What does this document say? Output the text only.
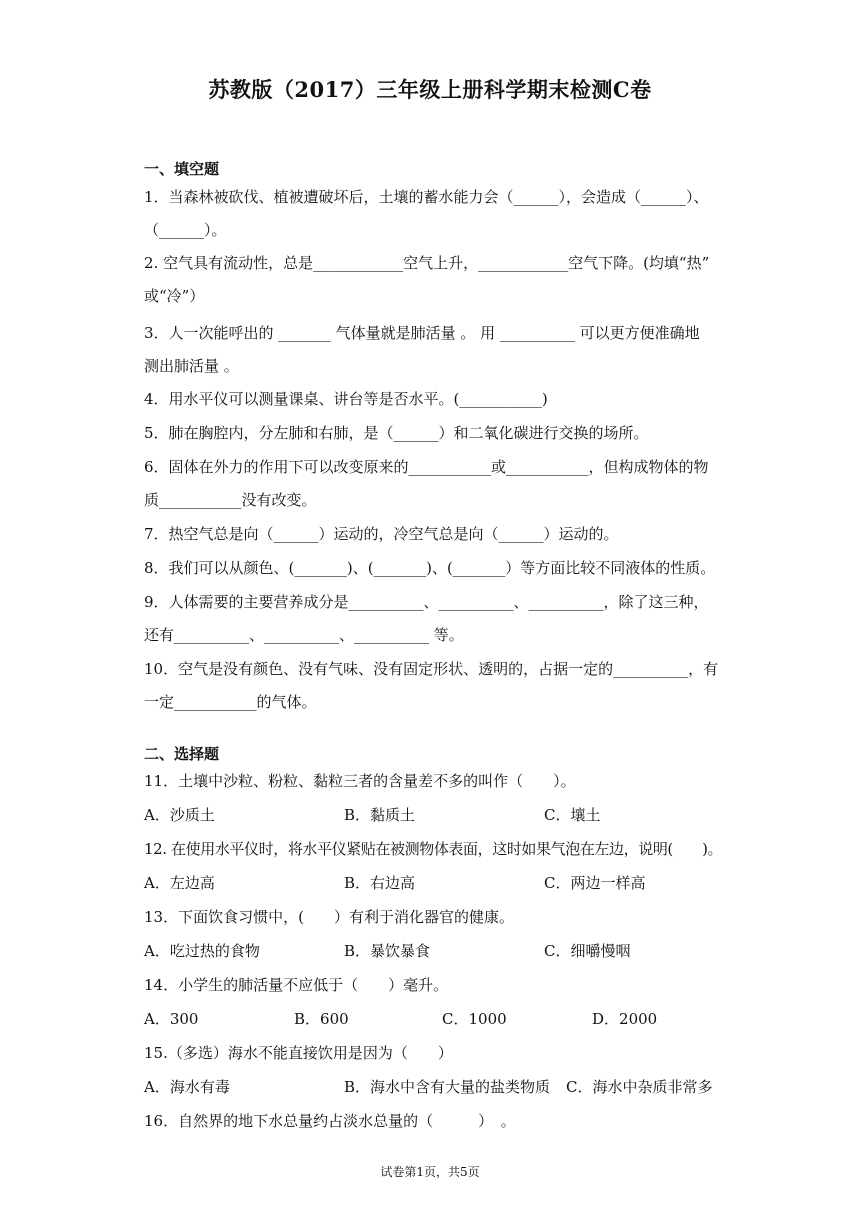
苏教版（2017）三年级上册科学期末检测C卷
一、填空题
1．当森林被砍伐、植被遭破坏后，土壤的蓄水能力会（______），会造成（______）、
（______）。
2. 空气具有流动性，总是____________空气上升，____________空气下降。(均填“热”
或“冷”）
3．人一次能呼出的 _______ 气体量就是肺活量 。 用 __________ 可以更方便准确地
测出肺活量 。
4．用水平仪可以测量课桌、讲台等是否水平。(___________)
5．肺在胸腔内，分左肺和右肺，是（______）和二氧化碳进行交换的场所。
6．固体在外力的作用下可以改变原来的___________或___________，但构成物体的物
质___________没有改变。
7．热空气总是向（______）运动的，冷空气总是向（______）运动的。
8．我们可以从颜色、(_______)、(_______)、(_______）等方面比较不同液体的性质。
9．人体需要的主要营养成分是__________、__________、__________，除了这三种，
还有__________、__________、__________ 等。
10．空气是没有颜色、没有气味、没有固定形状、透明的，占据一定的__________，有
一定___________的气体。
二、选择题
11．土壤中沙粒、粉粒、黏粒三者的含量差不多的叫作（　　）。
A．沙质土	B．黏质土	C．壤土
12. 在使用水平仪时，将水平仪紧贴在被测物体表面，这时如果气泡在左边，说明(　　)。
A．左边高	B．右边高	C．两边一样高
13．下面饮食习惯中，(　　）有利于消化器官的健康。
A．吃过热的食物	B．暴饮暴食	C．细嚼慢咽
14．小学生的肺活量不应低于（　　）毫升。
A．300	B．600	C．1000	D．2000
15.（多选）海水不能直接饮用是因为（　　）
A．海水有毒	B．海水中含有大量的盐类物质 C．海水中杂质非常多
16．自然界的地下水总量约占淡水总量的（　　　）　。
试卷第1页，共5页
